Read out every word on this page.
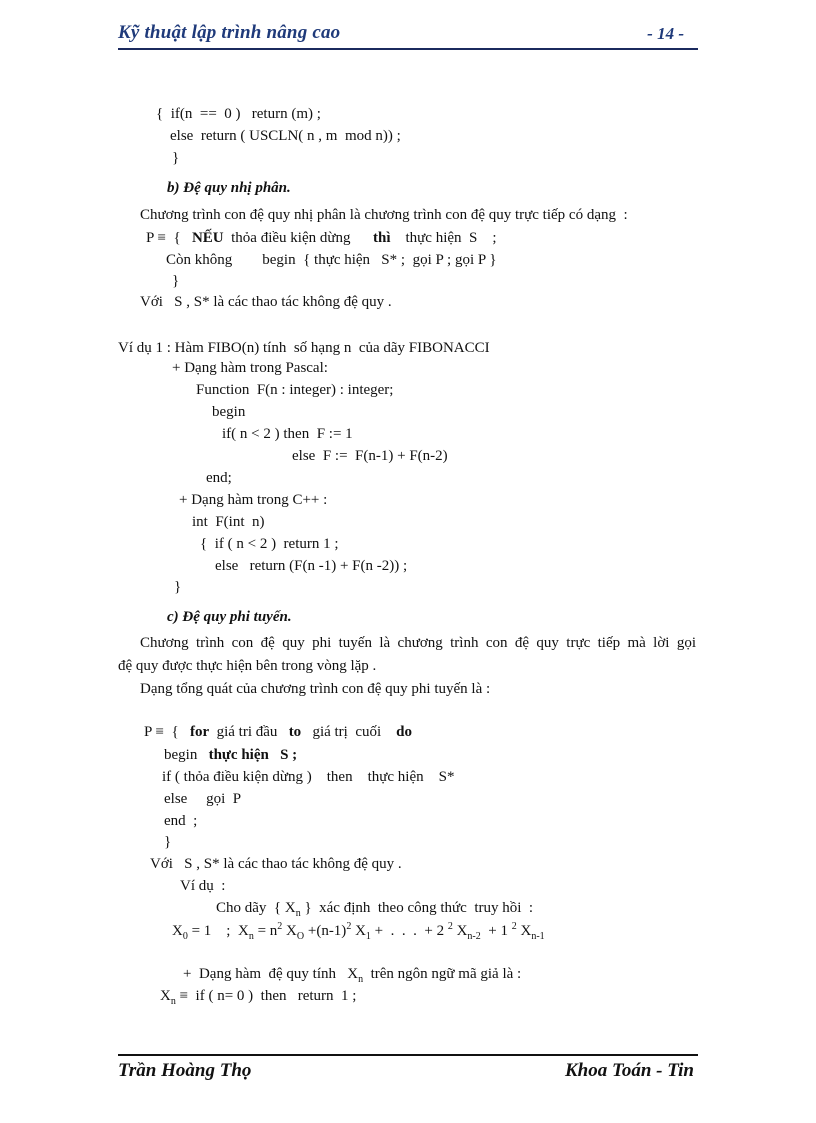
Kỹ thuật lập trình nâng cao	- 14 -
{  if(n  ==  0 )   return (m) ;
else  return ( USCLN( n , m  mod n)) ;
}
b) Đệ quy nhị phân.
Chương trình con đệ quy nhị phân là chương trình con đệ quy trực tiếp có dạng  :
P ≡  {   NẾU  thỏa điều kiện dừng      thì    thực hiện  S    ;
Còn không        begin  { thực hiện   S* ;  gọi P ; gọi P }
}
Với   S , S* là các thao tác không đệ quy .
Ví dụ 1 : Hàm FIBO(n) tính  số hạng n  của dãy FIBONACCI
+ Dạng hàm trong Pascal:
Function  F(n : integer) : integer;
begin
if( n < 2 ) then  F := 1
else  F :=  F(n-1) + F(n-2)
end;
+ Dạng hàm trong C++ :
int  F(int  n)
{  if ( n < 2 )  return 1 ;
else   return (F(n -1) + F(n -2)) ;
}
c) Đệ quy phi tuyến.
Chương trình con đệ quy phi tuyến là chương trình con đệ quy trực tiếp mà lời gọi
đệ quy được thực hiện bên trong vòng lặp .
Dạng tổng quát của chương trình con đệ quy phi tuyến là :
P ≡  {   for  giá tri đầu   to   giá trị  cuối    do
begin   thực hiện   S ;
if ( thỏa điều kiện dừng )    then    thực hiện    S*
else     gọi  P
end  ;
}
Với   S , S* là các thao tác không đệ quy .
Ví dụ  :
Cho dãy  { $X_n$ }  xác định  theo công thức  truy hồi  :
$X_0 = 1$    ;  $X_n = n^2$ $X_O +(n-1)^2$ $X_1$ +  .  .  .  + 2 $^2$ $X_{n-2} + 1$ $^2$ $X_{n-1}$
+  Dạng hàm  đệ quy tính   $X_n$  trên ngôn ngữ mã giả là :
$X_n$ ≡  if ( n= 0 )  then   return  1 ;
Trần Hoàng Thọ	Khoa Toán - Tin
